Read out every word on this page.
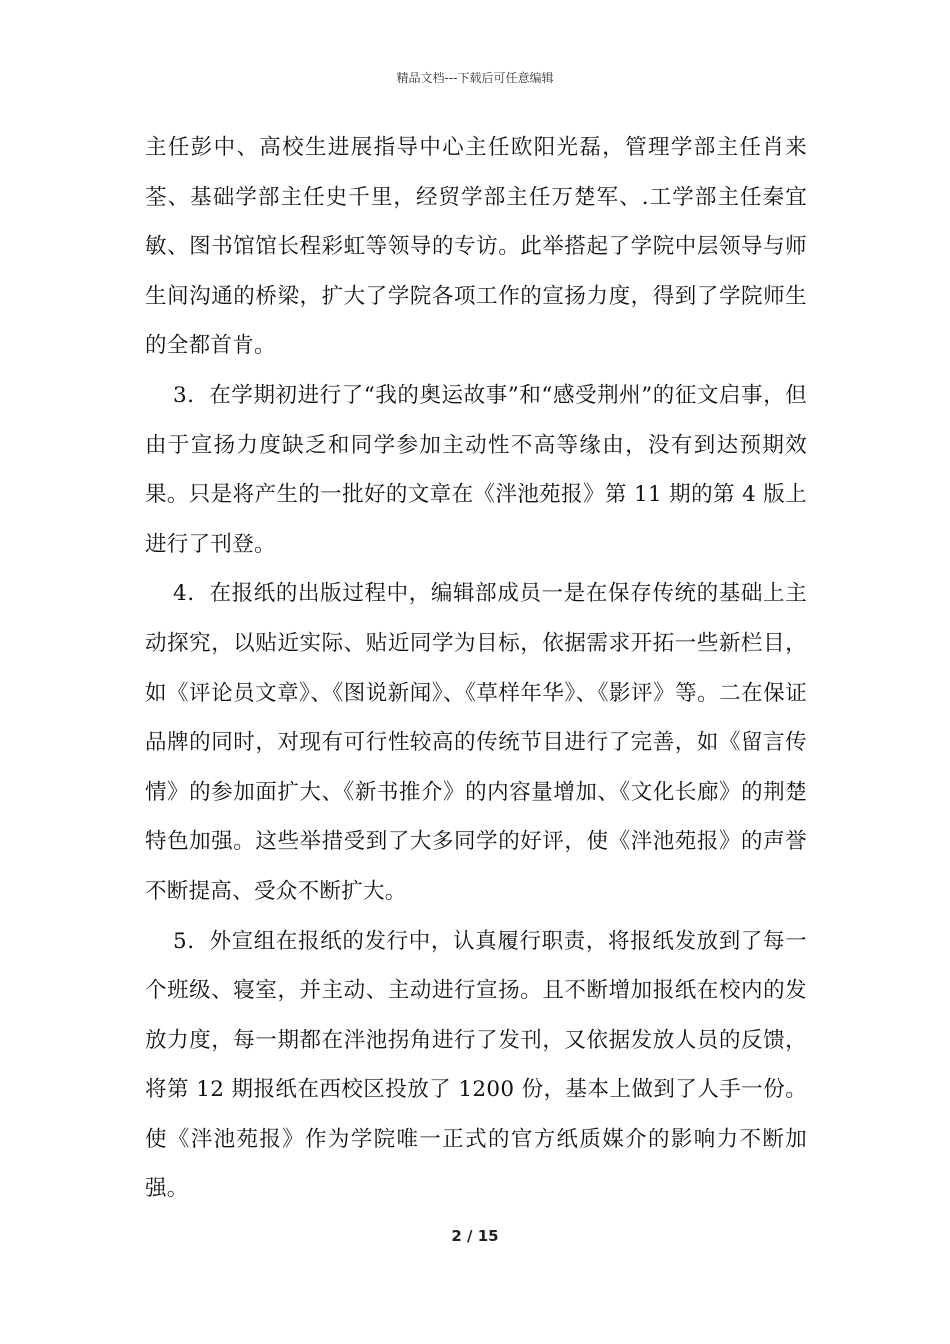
精品文档---下载后可任意编辑

主任彭中、高校生进展指导中心主任欧阳光磊，管理学部主任肖来荃、基础学部主任史千里，经贸学部主任万楚军、.工学部主任秦宜敏、图书馆馆长程彩虹等领导的专访。此举搭起了学院中层领导与师生间沟通的桥梁，扩大了学院各项工作的宣扬力度，得到了学院师生的全都首肯。

3．在学期初进行了“我的奥运故事”和“感受荆州”的征文启事，但由于宣扬力度缺乏和同学参加主动性不高等缘由，没有到达预期效果。只是将产生的一批好的文章在《泮池苑报》第 11 期的第 4 版上进行了刊登。

4．在报纸的出版过程中，编辑部成员一是在保存传统的基础上主动探究，以贴近实际、贴近同学为目标，依据需求开拓一些新栏目，如《评论员文章》、《图说新闻》、《草样年华》、《影评》等。二在保证品牌的同时，对现有可行性较高的传统节目进行了完善，如《留言传情》的参加面扩大、《新书推介》的内容量增加、《文化长廊》的荆楚特色加强。这些举措受到了大多同学的好评，使《泮池苑报》的声誉不断提高、受众不断扩大。

5．外宣组在报纸的发行中，认真履行职责，将报纸发放到了每一个班级、寝室，并主动、主动进行宣扬。且不断增加报纸在校内的发放力度，每一期都在泮池拐角进行了发刊，又依据发放人员的反馈，将第 12 期报纸在西校区投放了 1200 份，基本上做到了人手一份。使《泮池苑报》作为学院唯一正式的官方纸质媒介的影响力不断加强。

2 / 15
